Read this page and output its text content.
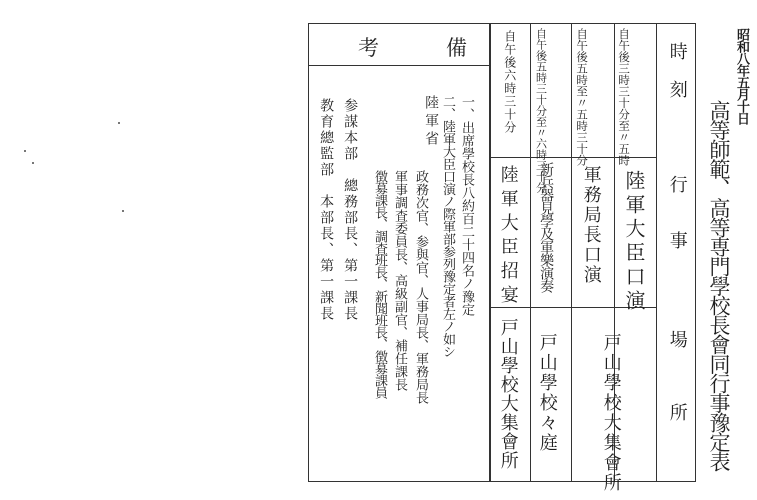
昭和八年五月十日
高等師範、高等専門學校長會同行事豫定表
時刻
行事
場所
自午後三時三十分至〃五時
陸軍大臣口演
戸山學校大集會所
自午後五時至〃五時三十分
軍務局長口演
自午後五時三十分至〃六時三十分
新兵器見學及軍樂演奏
戸山學校々庭
自午後六時三十分
陸軍大臣招宴
戸山學校大集會所
備
考
一、出席學校長八約百二十四名ノ豫定
二、陸軍大臣口演ノ際軍部参列豫定者左ノ如シ
陸軍省
政務次官、参與官、人事局長、軍務局長
軍事調査委員長、高級副官、補任課長
徴募課長、調査班長、新聞班長、徴募課員
参謀本部　總務部長、第一課長
教育總監部　本部長、第一課長
